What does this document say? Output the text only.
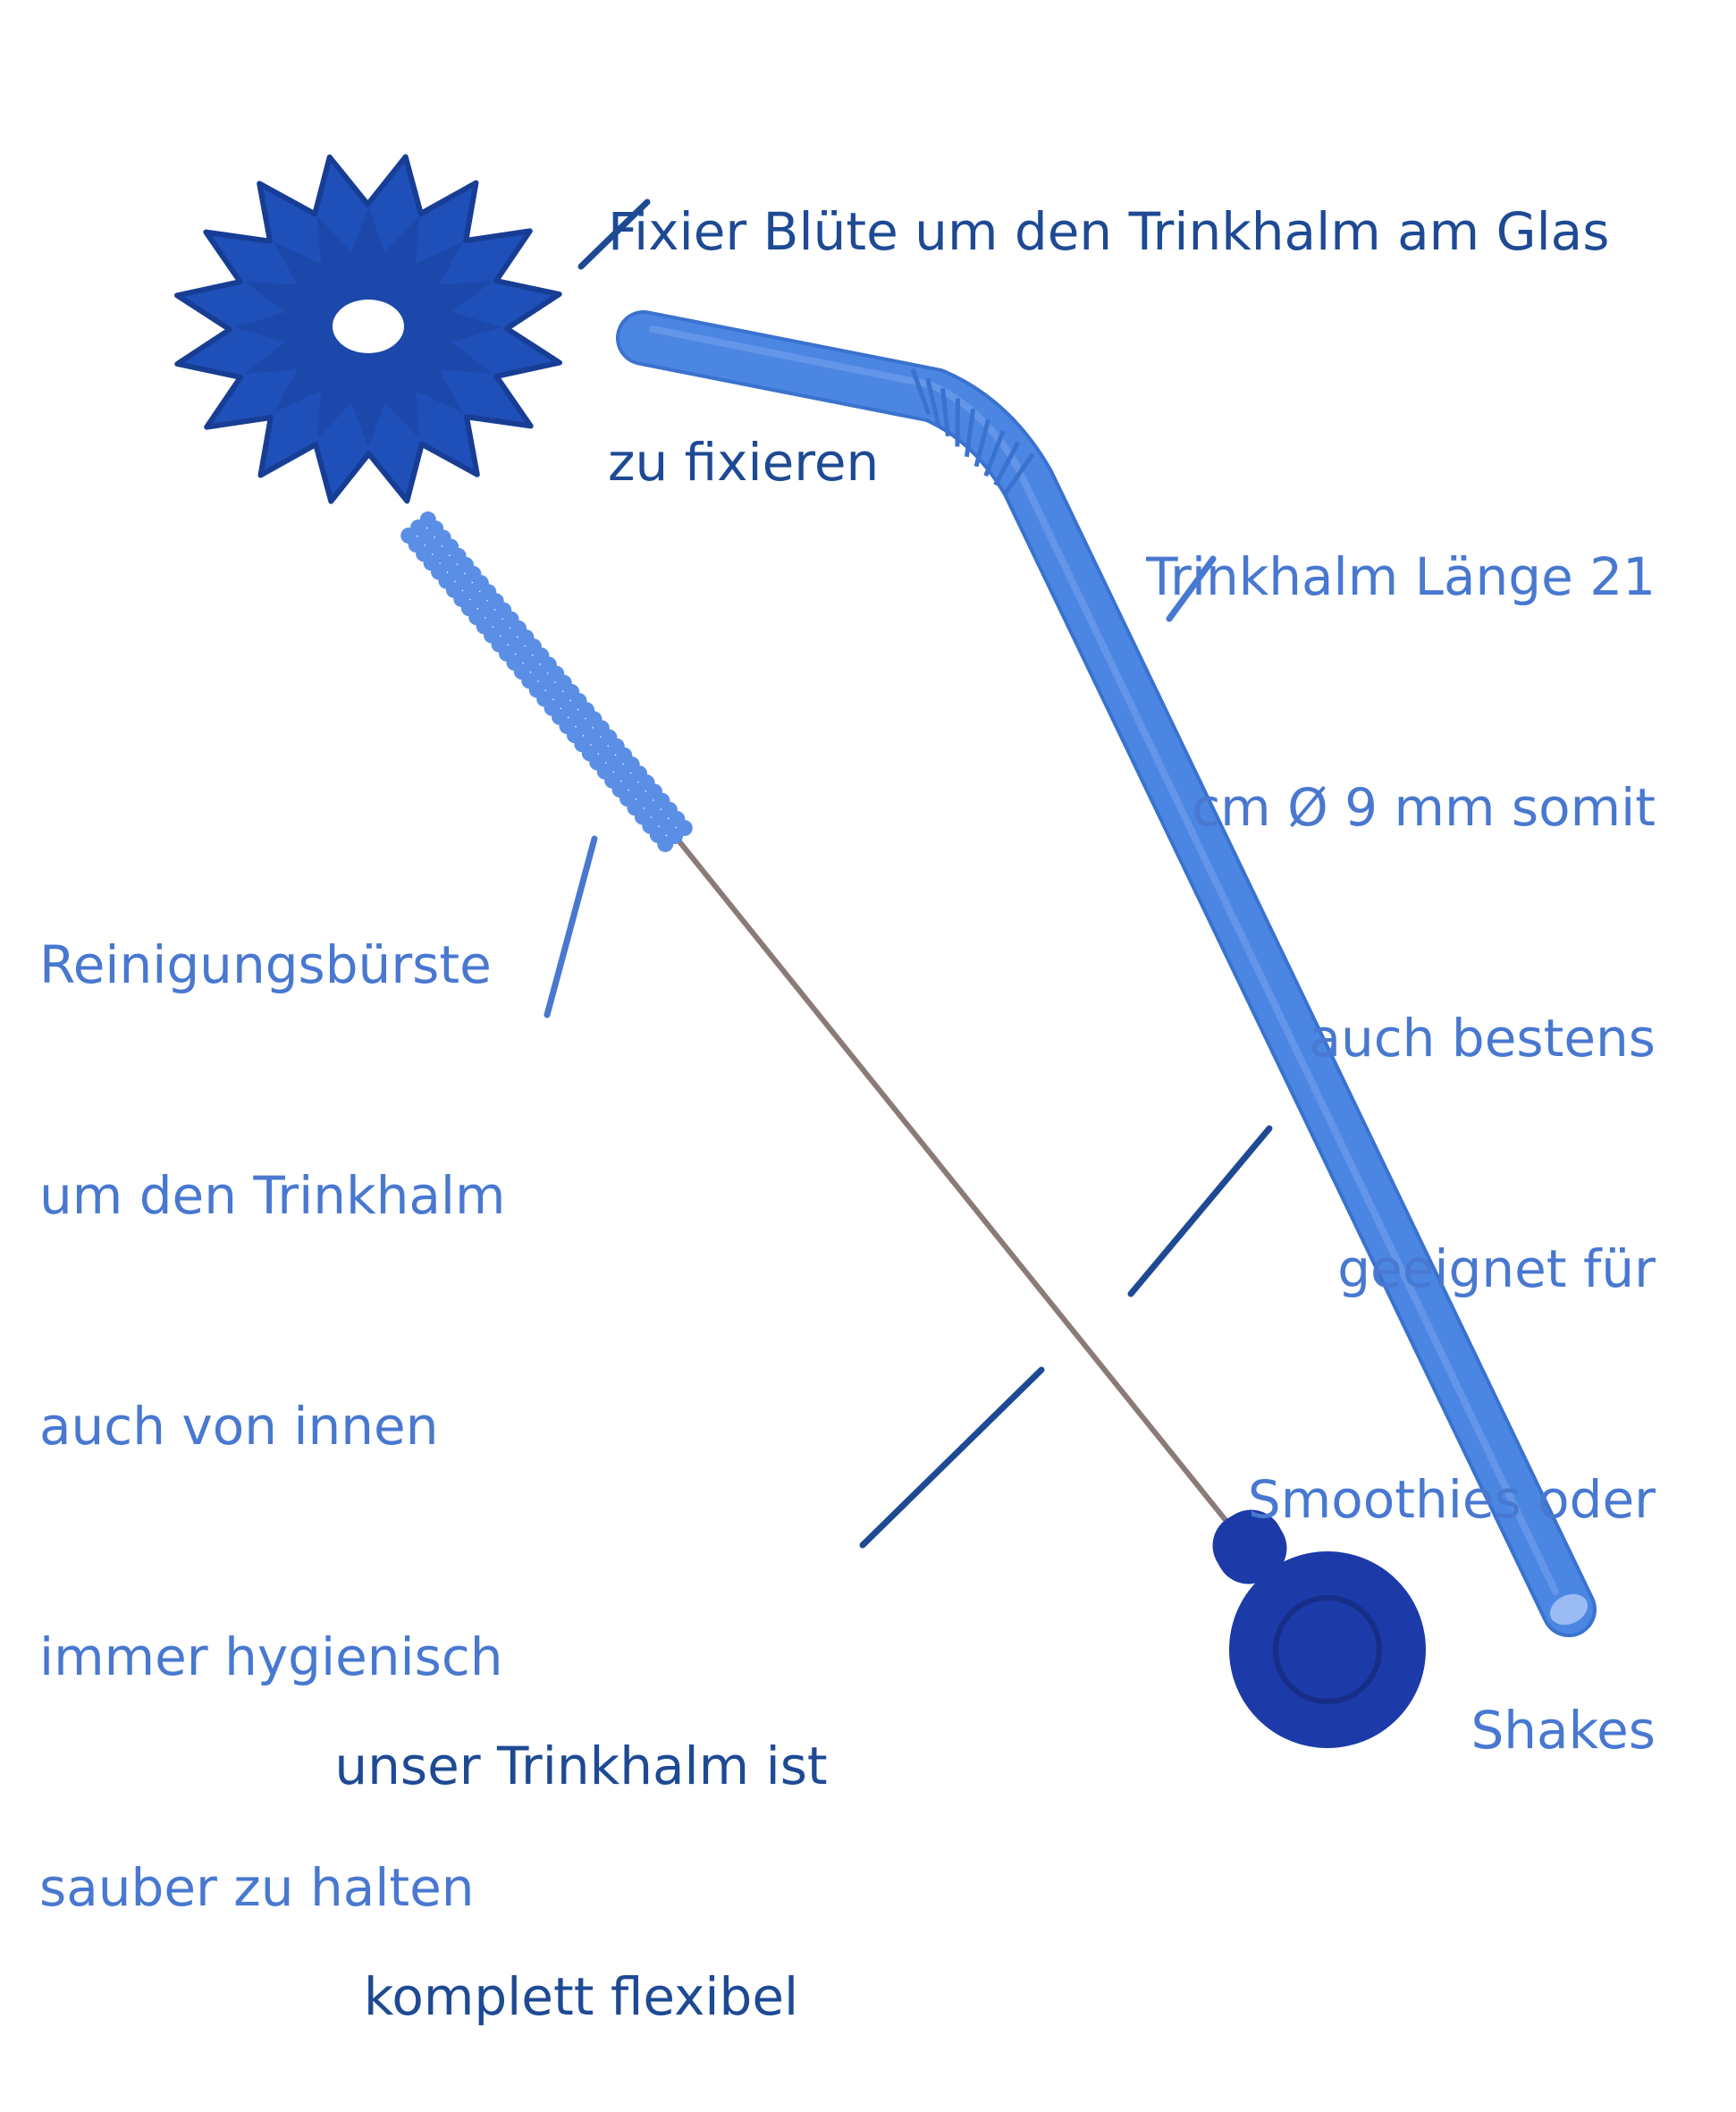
Fixier Blüte um den Trinkhalm am Glas

zu fixieren

Trinkhalm Länge 21

cm Ø 9 mm somit

auch bestens

geeignet für

Smoothies oder

Shakes

Reinigungsbürste

um den Trinkhalm

auch von innen

immer hygienisch

sauber zu halten

unser Trinkhalm ist

komplett flexibel
